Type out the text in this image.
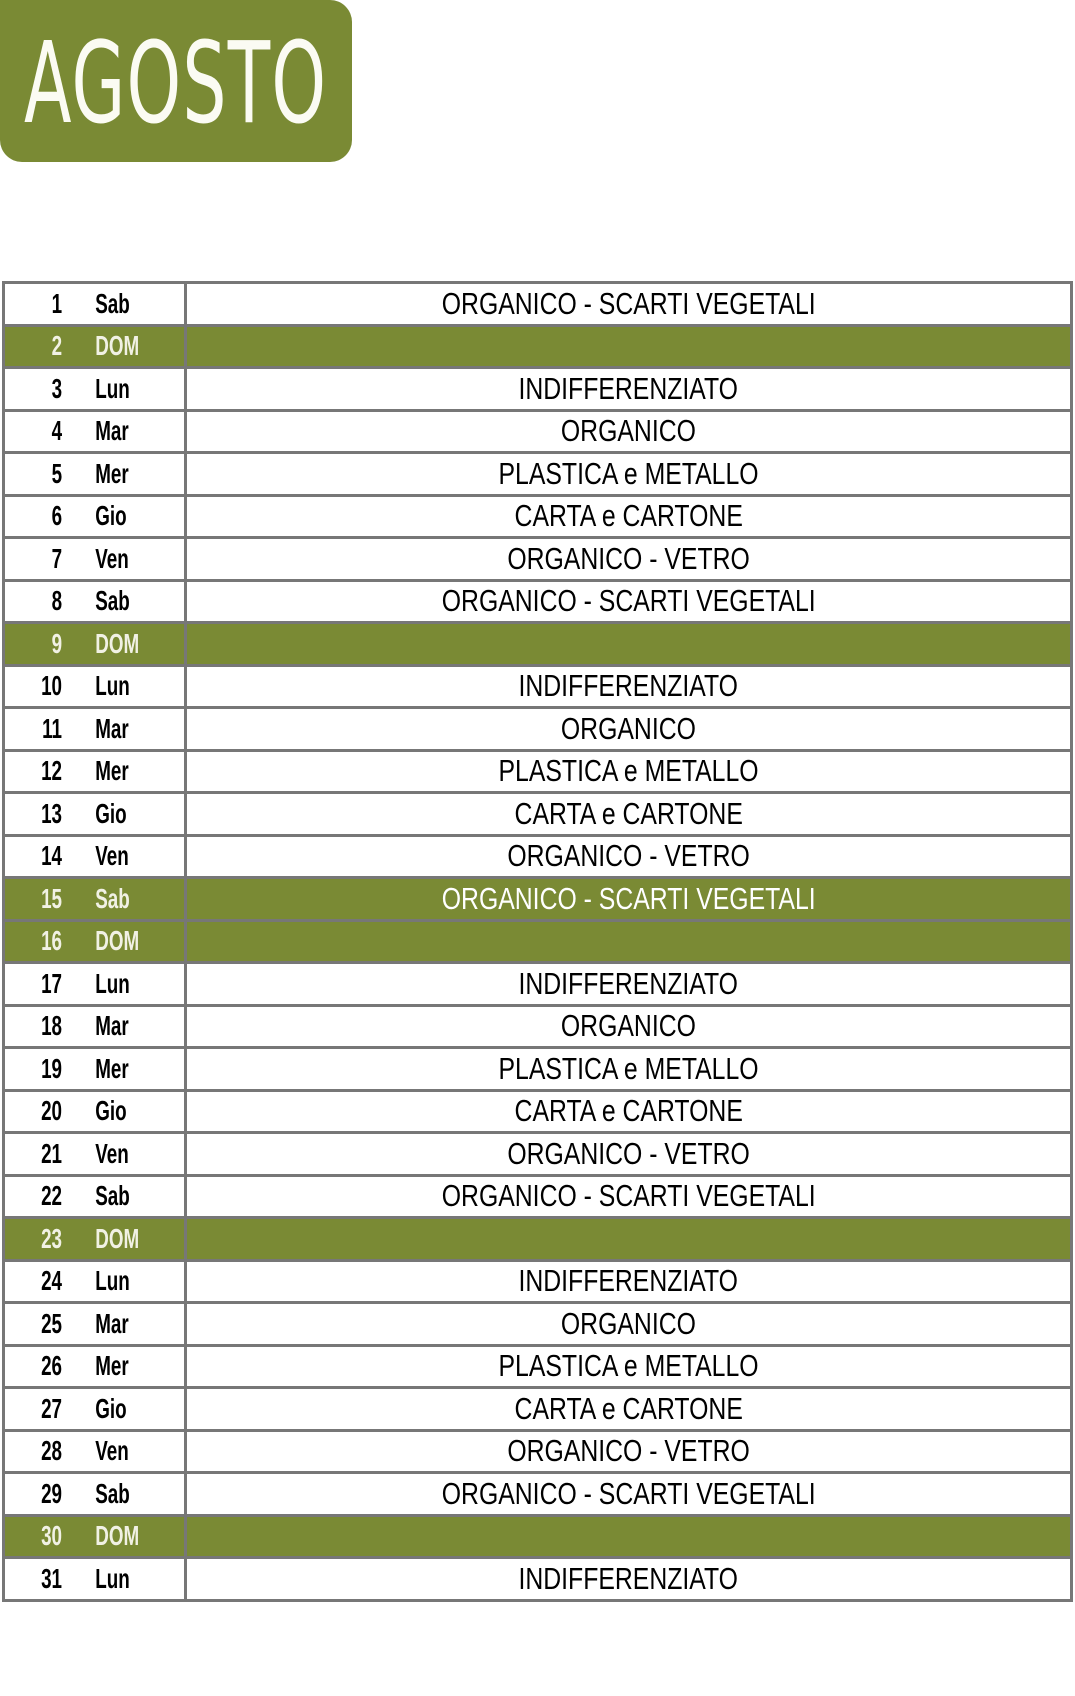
AGOSTO
1 Sab	ORGANICO - SCARTI VEGETALI
2 DOM	
3 Lun	INDIFFERENZIATO
4 Mar	ORGANICO
5 Mer	PLASTICA e METALLO
6 Gio	CARTA e CARTONE
7 Ven	ORGANICO - VETRO
8 Sab	ORGANICO - SCARTI VEGETALI
9 DOM	
10 Lun	INDIFFERENZIATO
11 Mar	ORGANICO
12 Mer	PLASTICA e METALLO
13 Gio	CARTA e CARTONE
14 Ven	ORGANICO - VETRO
15 Sab	ORGANICO - SCARTI VEGETALI
16 DOM	
17 Lun	INDIFFERENZIATO
18 Mar	ORGANICO
19 Mer	PLASTICA e METALLO
20 Gio	CARTA e CARTONE
21 Ven	ORGANICO - VETRO
22 Sab	ORGANICO - SCARTI VEGETALI
23 DOM	
24 Lun	INDIFFERENZIATO
25 Mar	ORGANICO
26 Mer	PLASTICA e METALLO
27 Gio	CARTA e CARTONE
28 Ven	ORGANICO - VETRO
29 Sab	ORGANICO - SCARTI VEGETALI
30 DOM	
31 Lun	INDIFFERENZIATO
